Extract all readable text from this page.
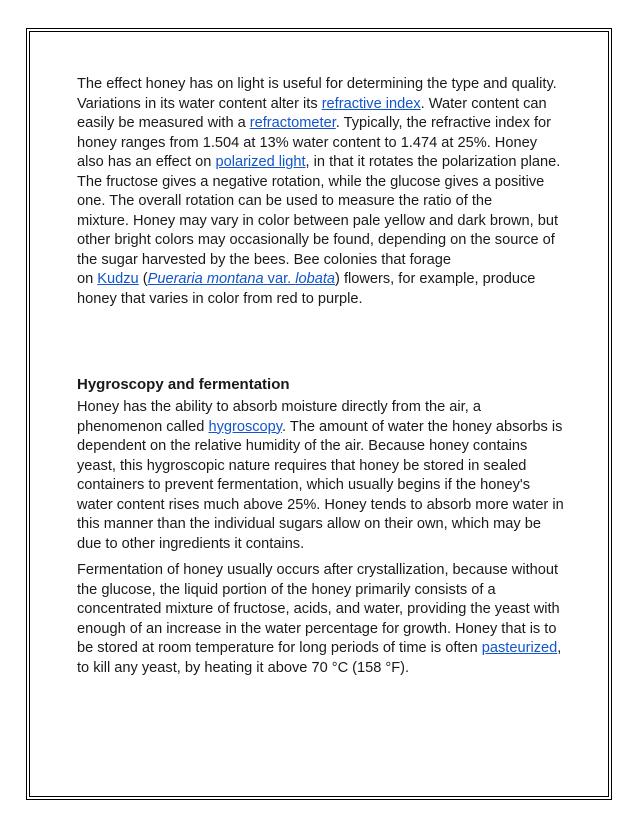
The effect honey has on light is useful for determining the type and quality.
Variations in its water content alter its refractive index. Water content can
easily be measured with a refractometer. Typically, the refractive index for
honey ranges from 1.504 at 13% water content to 1.474 at 25%. Honey
also has an effect on polarized light, in that it rotates the polarization plane.
The fructose gives a negative rotation, while the glucose gives a positive
one. The overall rotation can be used to measure the ratio of the
mixture. Honey may vary in color between pale yellow and dark brown, but
other bright colors may occasionally be found, depending on the source of
the sugar harvested by the bees. Bee colonies that forage
on Kudzu (Pueraria montana var. lobata) flowers, for example, produce
honey that varies in color from red to purple.

Hygroscopy and fermentation

Honey has the ability to absorb moisture directly from the air, a
phenomenon called hygroscopy. The amount of water the honey absorbs is
dependent on the relative humidity of the air. Because honey contains
yeast, this hygroscopic nature requires that honey be stored in sealed
containers to prevent fermentation, which usually begins if the honey's
water content rises much above 25%. Honey tends to absorb more water in
this manner than the individual sugars allow on their own, which may be
due to other ingredients it contains.

Fermentation of honey usually occurs after crystallization, because without
the glucose, the liquid portion of the honey primarily consists of a
concentrated mixture of fructose, acids, and water, providing the yeast with
enough of an increase in the water percentage for growth. Honey that is to
be stored at room temperature for long periods of time is often pasteurized,
to kill any yeast, by heating it above 70 °C (158 °F).
